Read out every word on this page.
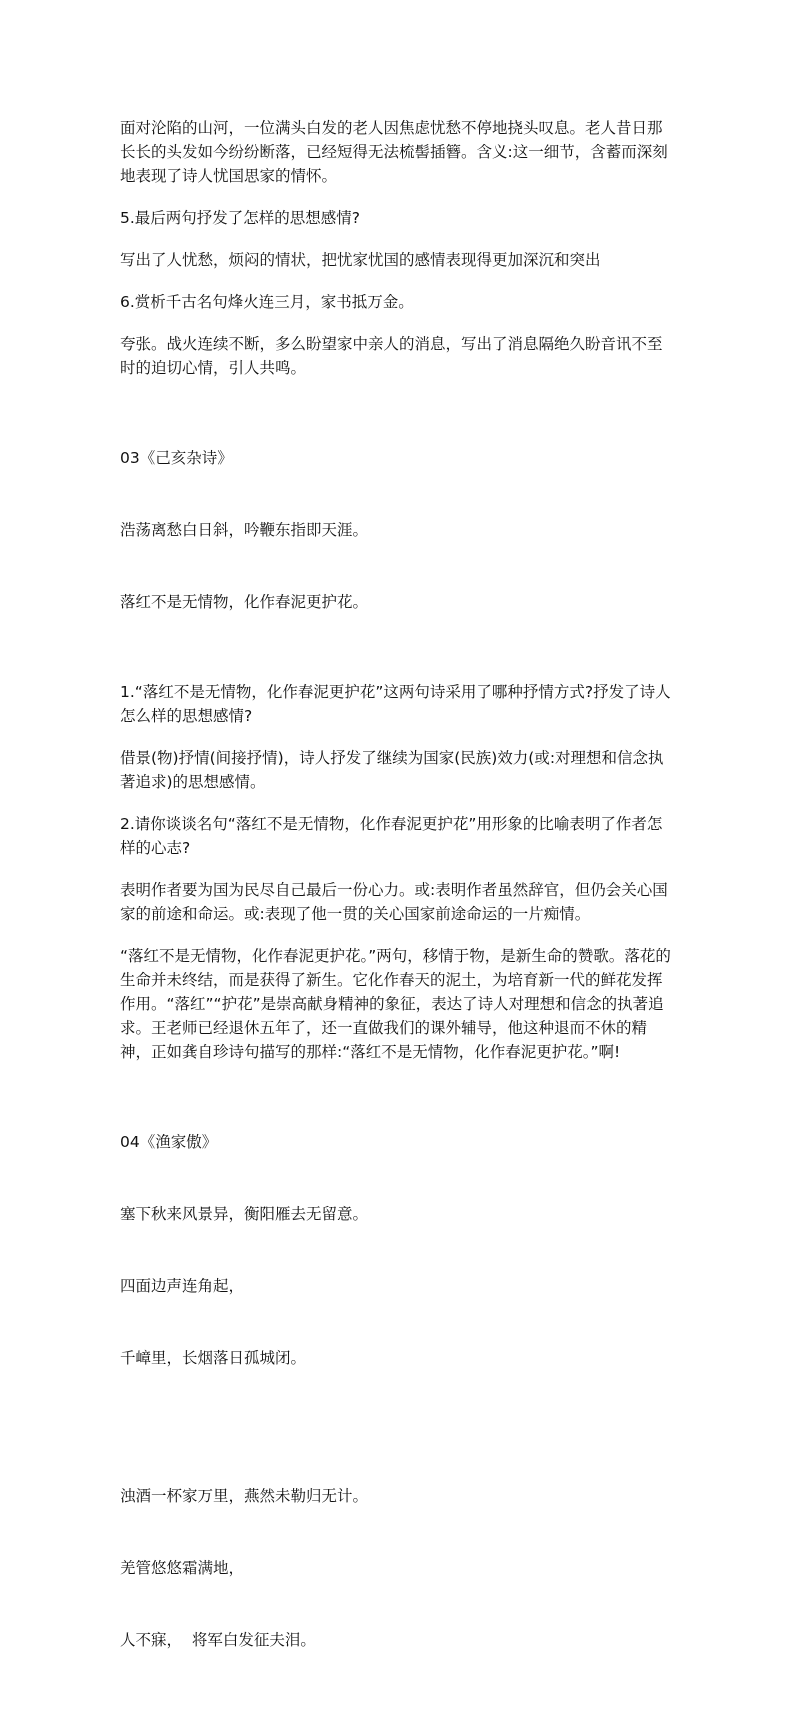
面对沦陷的山河，一位满头白发的老人因焦虑忧愁不停地挠头叹息。老人昔日那长长的头发如今纷纷断落，已经短得无法梳髻插簪。含义:这一细节，含蓄而深刻地表现了诗人忧国思家的情怀。

5.最后两句抒发了怎样的思想感情?

写出了人忧愁，烦闷的情状，把忧家忧国的感情表现得更加深沉和突出

6.赏析千古名句烽火连三月，家书抵万金。

夸张。战火连续不断，多么盼望家中亲人的消息，写出了消息隔绝久盼音讯不至时的迫切心情，引人共鸣。

03《己亥杂诗》

浩荡离愁白日斜，吟鞭东指即天涯。

落红不是无情物，化作春泥更护花。

1.“落红不是无情物，化作春泥更护花”这两句诗采用了哪种抒情方式?抒发了诗人怎么样的思想感情?

借景(物)抒情(间接抒情)，诗人抒发了继续为国家(民族)效力(或:对理想和信念执著追求)的思想感情。

2.请你谈谈名句“落红不是无情物，化作春泥更护花”用形象的比喻表明了作者怎样的心志?

表明作者要为国为民尽自己最后一份心力。或:表明作者虽然辞官，但仍会关心国家的前途和命运。或:表现了他一贯的关心国家前途命运的一片痴情。

“落红不是无情物，化作春泥更护花。”两句，移情于物，是新生命的赞歌。落花的生命并未终结，而是获得了新生。它化作春天的泥土，为培育新一代的鲜花发挥作用。“落红”“护花”是崇高献身精神的象征，表达了诗人对理想和信念的执著追求。王老师已经退休五年了，还一直做我们的课外辅导，他这种退而不休的精神，正如龚自珍诗句描写的那样:“落红不是无情物，化作春泥更护花。”啊!

04《渔家傲》

塞下秋来风景异，衡阳雁去无留意。

四面边声连角起，

千嶂里，长烟落日孤城闭。

浊酒一杯家万里，燕然未勒归无计。

羌管悠悠霜满地，

人不寐，  将军白发征夫泪。
